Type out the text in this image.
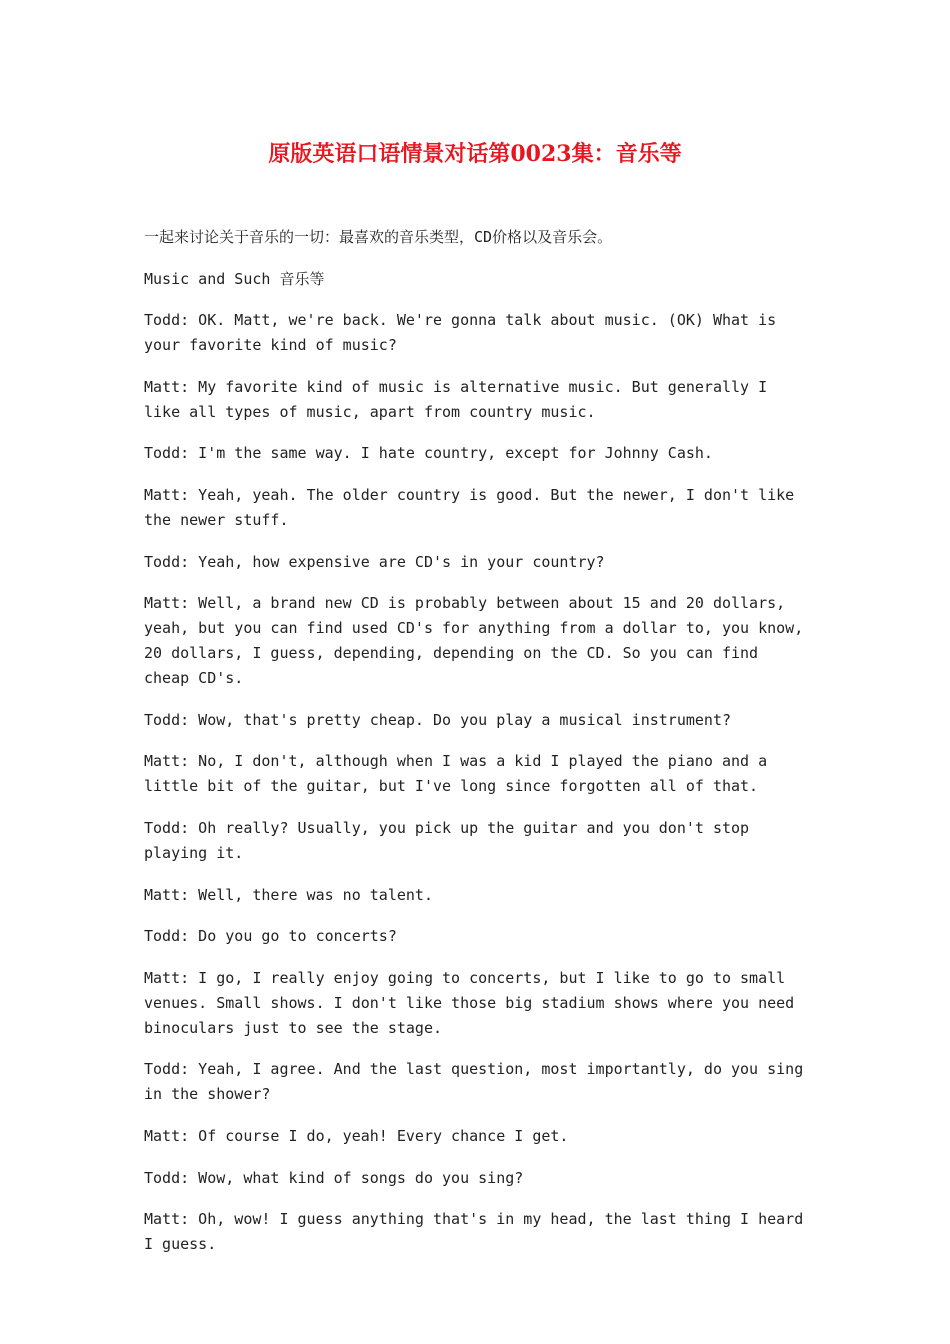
原版英语口语情景对话第0023集：音乐等

一起来讨论关于音乐的一切：最喜欢的音乐类型，CD价格以及音乐会。

Music and Such 音乐等

Todd: OK. Matt, we're back. We're gonna talk about music. (OK) What is your favorite kind of music?

Matt: My favorite kind of music is alternative music. But generally I like all types of music, apart from country music.

Todd: I'm the same way. I hate country, except for Johnny Cash.

Matt: Yeah, yeah. The older country is good. But the newer, I don't like the newer stuff.

Todd: Yeah, how expensive are CD's in your country?

Matt: Well, a brand new CD is probably between about 15 and 20 dollars, yeah, but you can find used CD's for anything from a dollar to, you know, 20 dollars, I guess, depending, depending on the CD. So you can find cheap CD's.

Todd: Wow, that's pretty cheap. Do you play a musical instrument?

Matt: No, I don't, although when I was a kid I played the piano and a little bit of the guitar, but I've long since forgotten all of that.

Todd: Oh really? Usually, you pick up the guitar and you don't stop playing it.

Matt: Well, there was no talent.

Todd: Do you go to concerts?

Matt: I go, I really enjoy going to concerts, but I like to go to small venues. Small shows. I don't like those big stadium shows where you need binoculars just to see the stage.

Todd: Yeah, I agree. And the last question, most importantly, do you sing in the shower?

Matt: Of course I do, yeah! Every chance I get.

Todd: Wow, what kind of songs do you sing?

Matt: Oh, wow! I guess anything that's in my head, the last thing I heard I guess.
